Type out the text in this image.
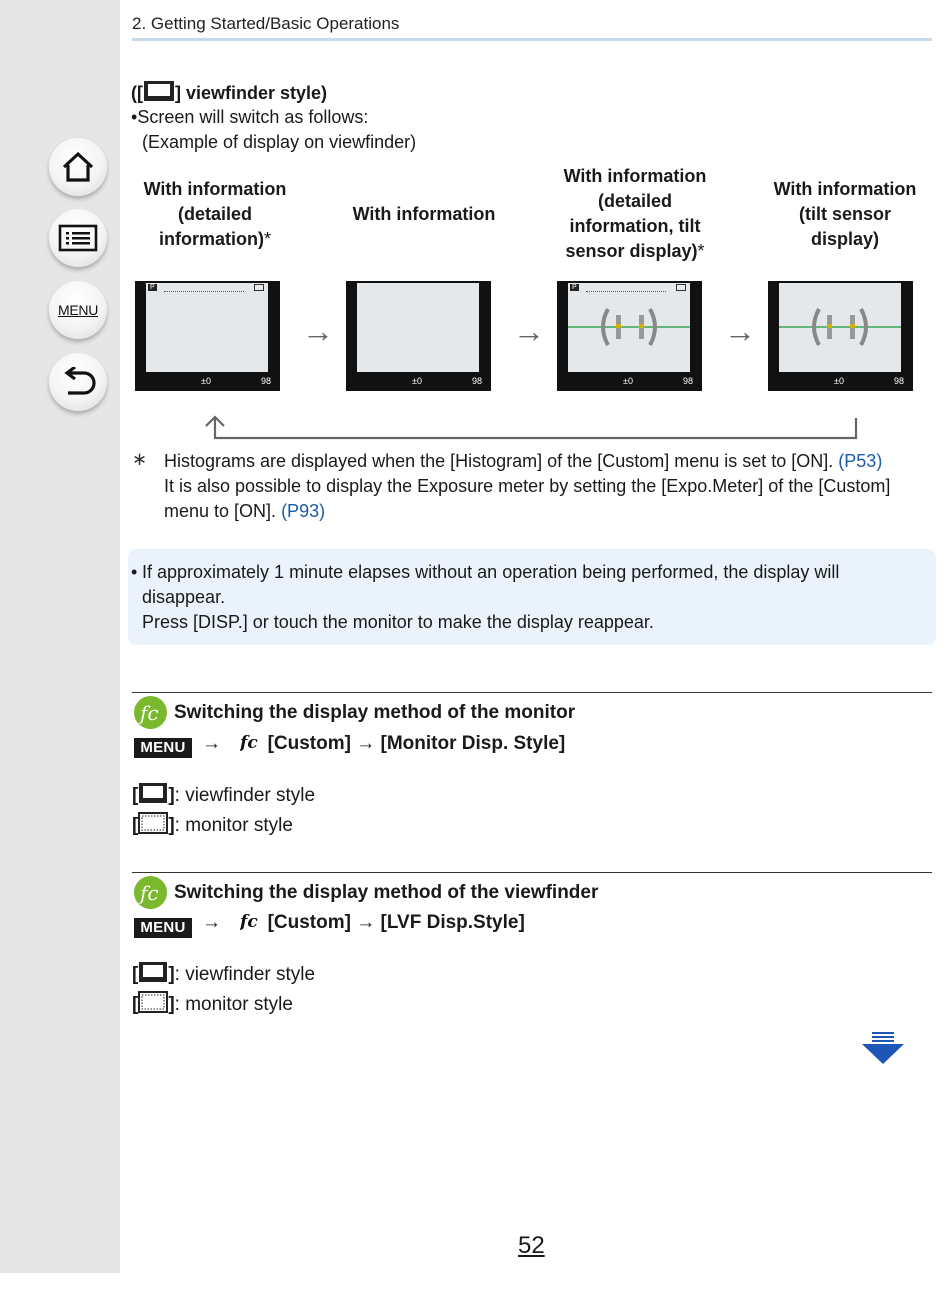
MENU
2. Getting Started/Basic Operations
([ ] viewfinder style)
•Screen will switch as follows:
(Example of display on viewfinder)
With information (detailed information)*
With information
With information (detailed information, tilt sensor display)*
With information (tilt sensor display)
P
±0	98
→
±0	98
→
P
±0	98
→
±0	98
∗ Histograms are displayed when the [Histogram] of the [Custom] menu is set to [ON]. (P53)
It is also possible to display the Exposure meter by setting the [Expo.Meter] of the [Custom] menu to [ON]. (P93)
• If approximately 1 minute elapses without an operation being performed, the display will disappear.
Press [DISP.] or touch the monitor to make the display reappear.
fc Switching the display method of the monitor
MENU → fc [Custom] → [Monitor Disp. Style]
[ ]: viewfinder style
[ ]: monitor style
fc Switching the display method of the viewfinder
MENU → fc [Custom] → [LVF Disp.Style]
[ ]: viewfinder style
[ ]: monitor style
52
